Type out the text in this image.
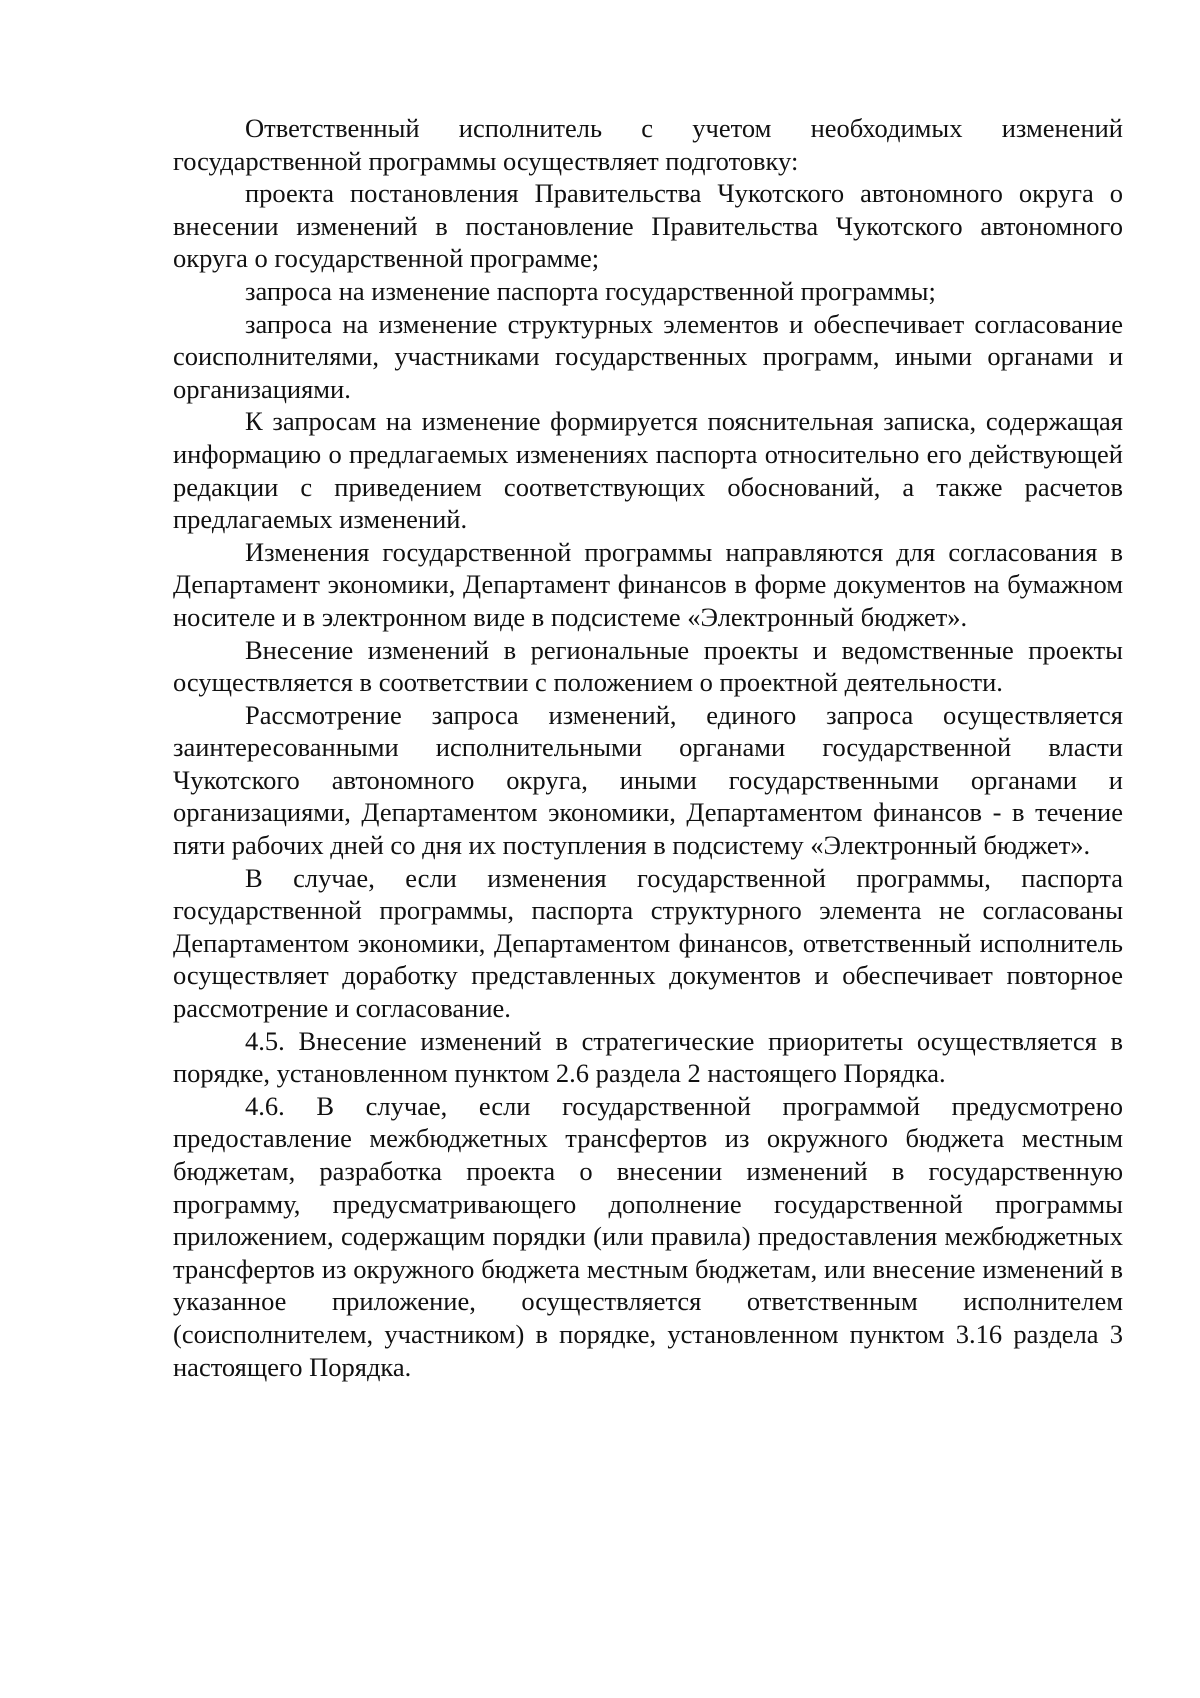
Ответственный исполнитель с учетом необходимых изменений государственной программы осуществляет подготовку:

проекта постановления Правительства Чукотского автономного округа о внесении изменений в постановление Правительства Чукотского автономного округа о государственной программе;

запроса на изменение паспорта государственной программы;

запроса на изменение структурных элементов и обеспечивает согласование соисполнителями, участниками государственных программ, иными органами и организациями.

К запросам на изменение формируется пояснительная записка, содержащая информацию о предлагаемых изменениях паспорта относительно его действующей редакции с приведением соответствующих обоснований, а также расчетов предлагаемых изменений.

Изменения государственной программы направляются для согласования в Департамент экономики, Департамент финансов в форме документов на бумажном носителе и в электронном виде в подсистеме «Электронный бюджет».

Внесение изменений в региональные проекты и ведомственные проекты осуществляется в соответствии с положением о проектной деятельности.

Рассмотрение запроса изменений, единого запроса осуществляется заинтересованными исполнительными органами государственной власти Чукотского автономного округа, иными государственными органами и организациями, Департаментом экономики, Департаментом финансов - в течение пяти рабочих дней со дня их поступления в подсистему «Электронный бюджет».

В случае, если изменения государственной программы, паспорта государственной программы, паспорта структурного элемента не согласованы Департаментом экономики, Департаментом финансов, ответственный исполнитель осуществляет доработку представленных документов и обеспечивает повторное рассмотрение и согласование.

4.5. Внесение изменений в стратегические приоритеты осуществляется в порядке, установленном пунктом 2.6 раздела 2 настоящего Порядка.

4.6. В случае, если государственной программой предусмотрено предоставление межбюджетных трансфертов из окружного бюджета местным бюджетам, разработка проекта о внесении изменений в государственную программу, предусматривающего дополнение государственной программы приложением, содержащим порядки (или правила) предоставления межбюджетных трансфертов из окружного бюджета местным бюджетам, или внесение изменений в указанное приложение, осуществляется ответственным исполнителем (соисполнителем, участником) в порядке, установленном пунктом 3.16 раздела 3 настоящего Порядка.
